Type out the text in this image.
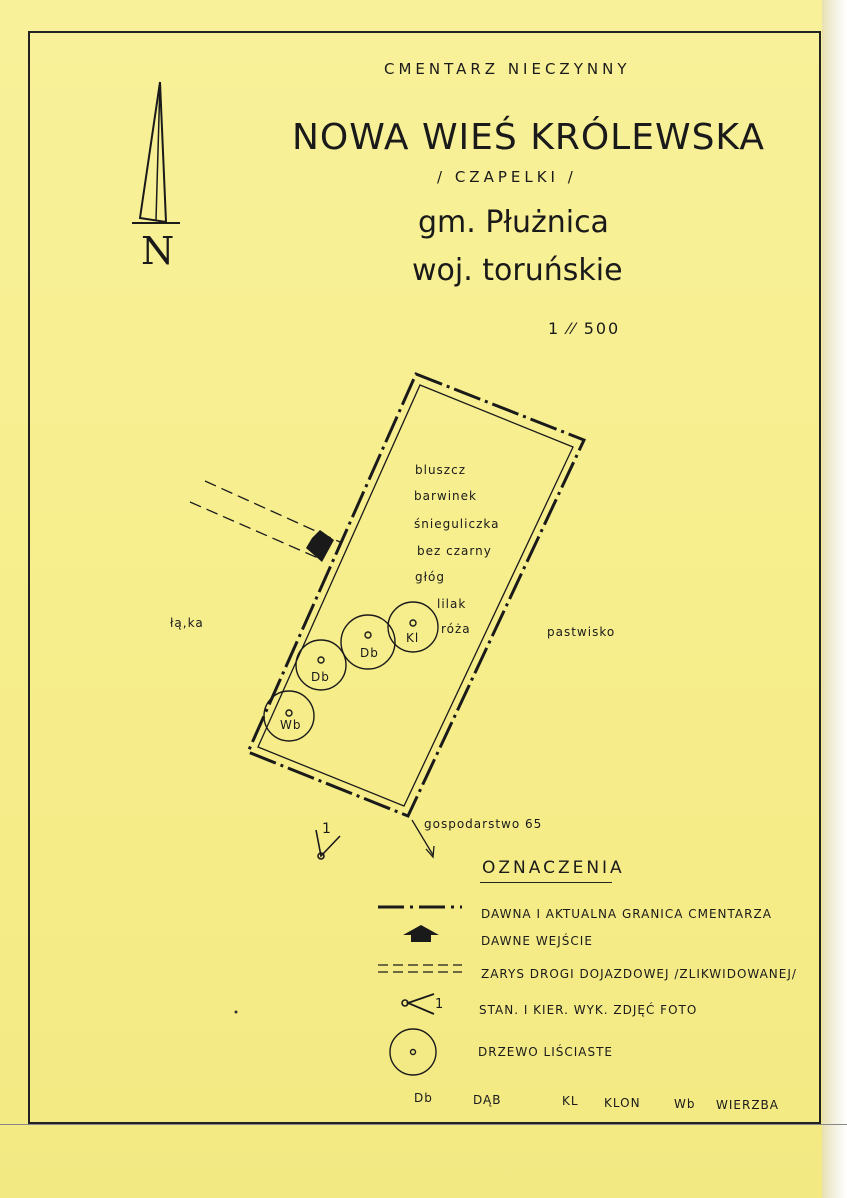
CMENTARZ NIECZYNNY
NOWA WIEŚ KRÓLEWSKA
/ CZAPELKI /
gm. Płużnica
woj. toruńskie
1 ⁄⁄ 500
N
bluszcz
barwinek
śnieguliczka
bez czarny
głóg
lilak
róża
Kl
Db
Db
Wb
łą,ka
pastwisko
gospodarstwo 65
1
OZNACZENIA
DAWNA I AKTUALNA GRANICA CMENTARZA
DAWNE WEJŚCIE
ZARYS DROGI DOJAZDOWEJ /ZLIKWIDOWANEJ/
1	STAN. I KIER. WYK. ZDJĘĆ FOTO
DRZEWO LIŚCIASTE
Db	DĄB	KL KLON	Wb WIERZBA
